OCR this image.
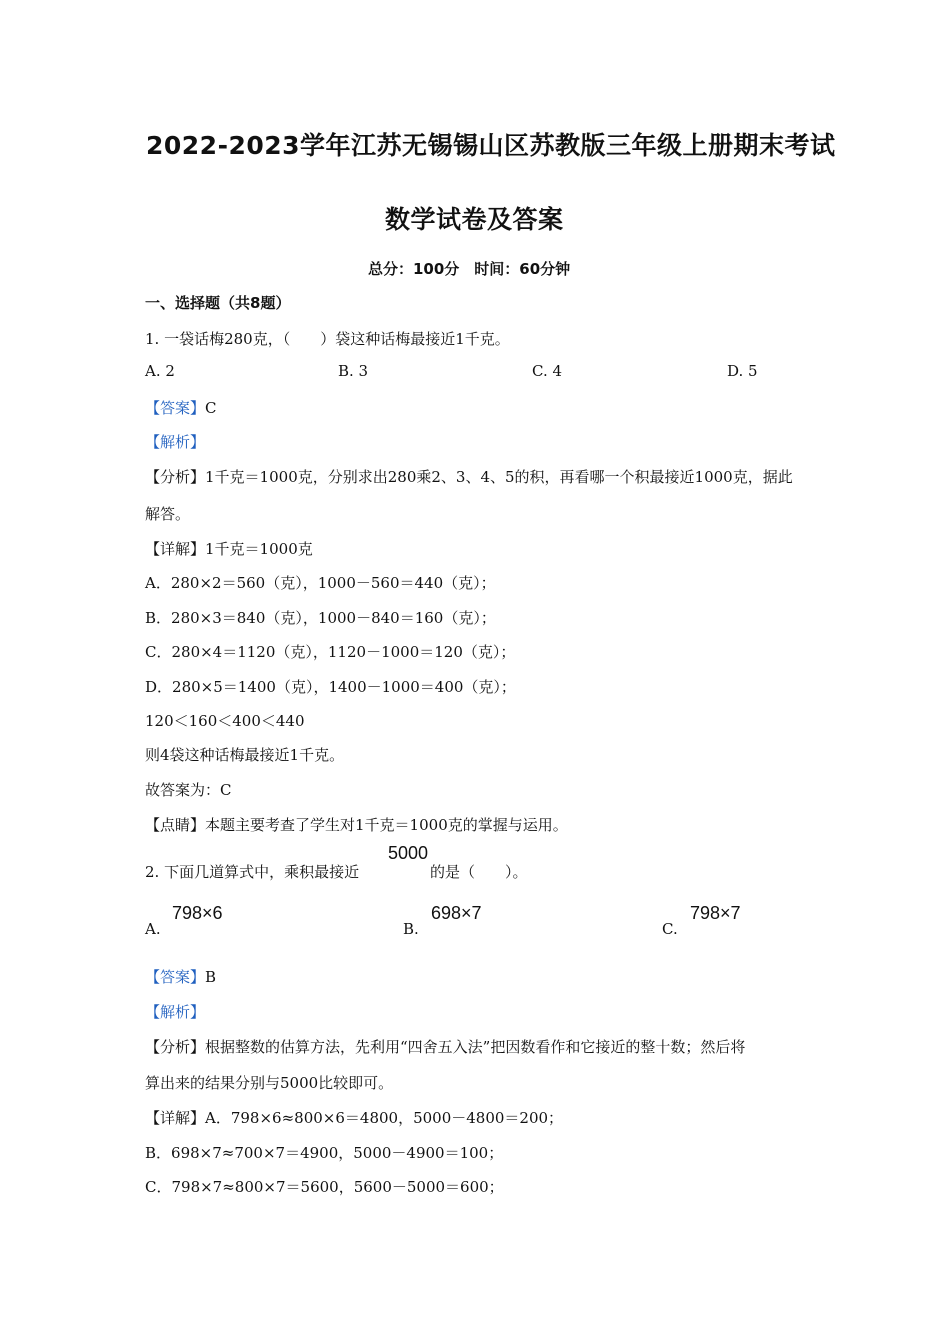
2022-2023学年江苏无锡锡山区苏教版三年级上册期末考试
数学试卷及答案
总分：100分　时间：60分钟
一、选择题（共8题）
1. 一袋话梅280克，（　　）袋这种话梅最接近1千克。
A. 2	B. 3	C. 4	D. 5
【答案】C
【解析】
【分析】1千克＝1000克，分别求出280乘2、3、4、5的积，再看哪一个积最接近1000克，据此
解答。
【详解】1千克＝1000克
A．280×2＝560（克），1000－560＝440（克）；
B．280×3＝840（克），1000－840＝160（克）；
C．280×4＝1120（克），1120－1000＝120（克）；
D．280×5＝1400（克），1400－1000＝400（克）；
120＜160＜400＜440
则4袋这种话梅最接近1千克。
故答案为：C
【点睛】本题主要考查了学生对1千克＝1000克的掌握与运用。
2. 下面几道算式中，乘积最接近
5000
的是（　　）。
A.
798×6
B.
698×7
C.
798×7
【答案】B
【解析】
【分析】根据整数的估算方法，先利用“四舍五入法”把因数看作和它接近的整十数；然后将
算出来的结果分别与5000比较即可。
【详解】A．798×6≈800×6＝4800，5000－4800＝200；
B．698×7≈700×7＝4900，5000－4900＝100；
C．798×7≈800×7＝5600，5600－5000＝600；
